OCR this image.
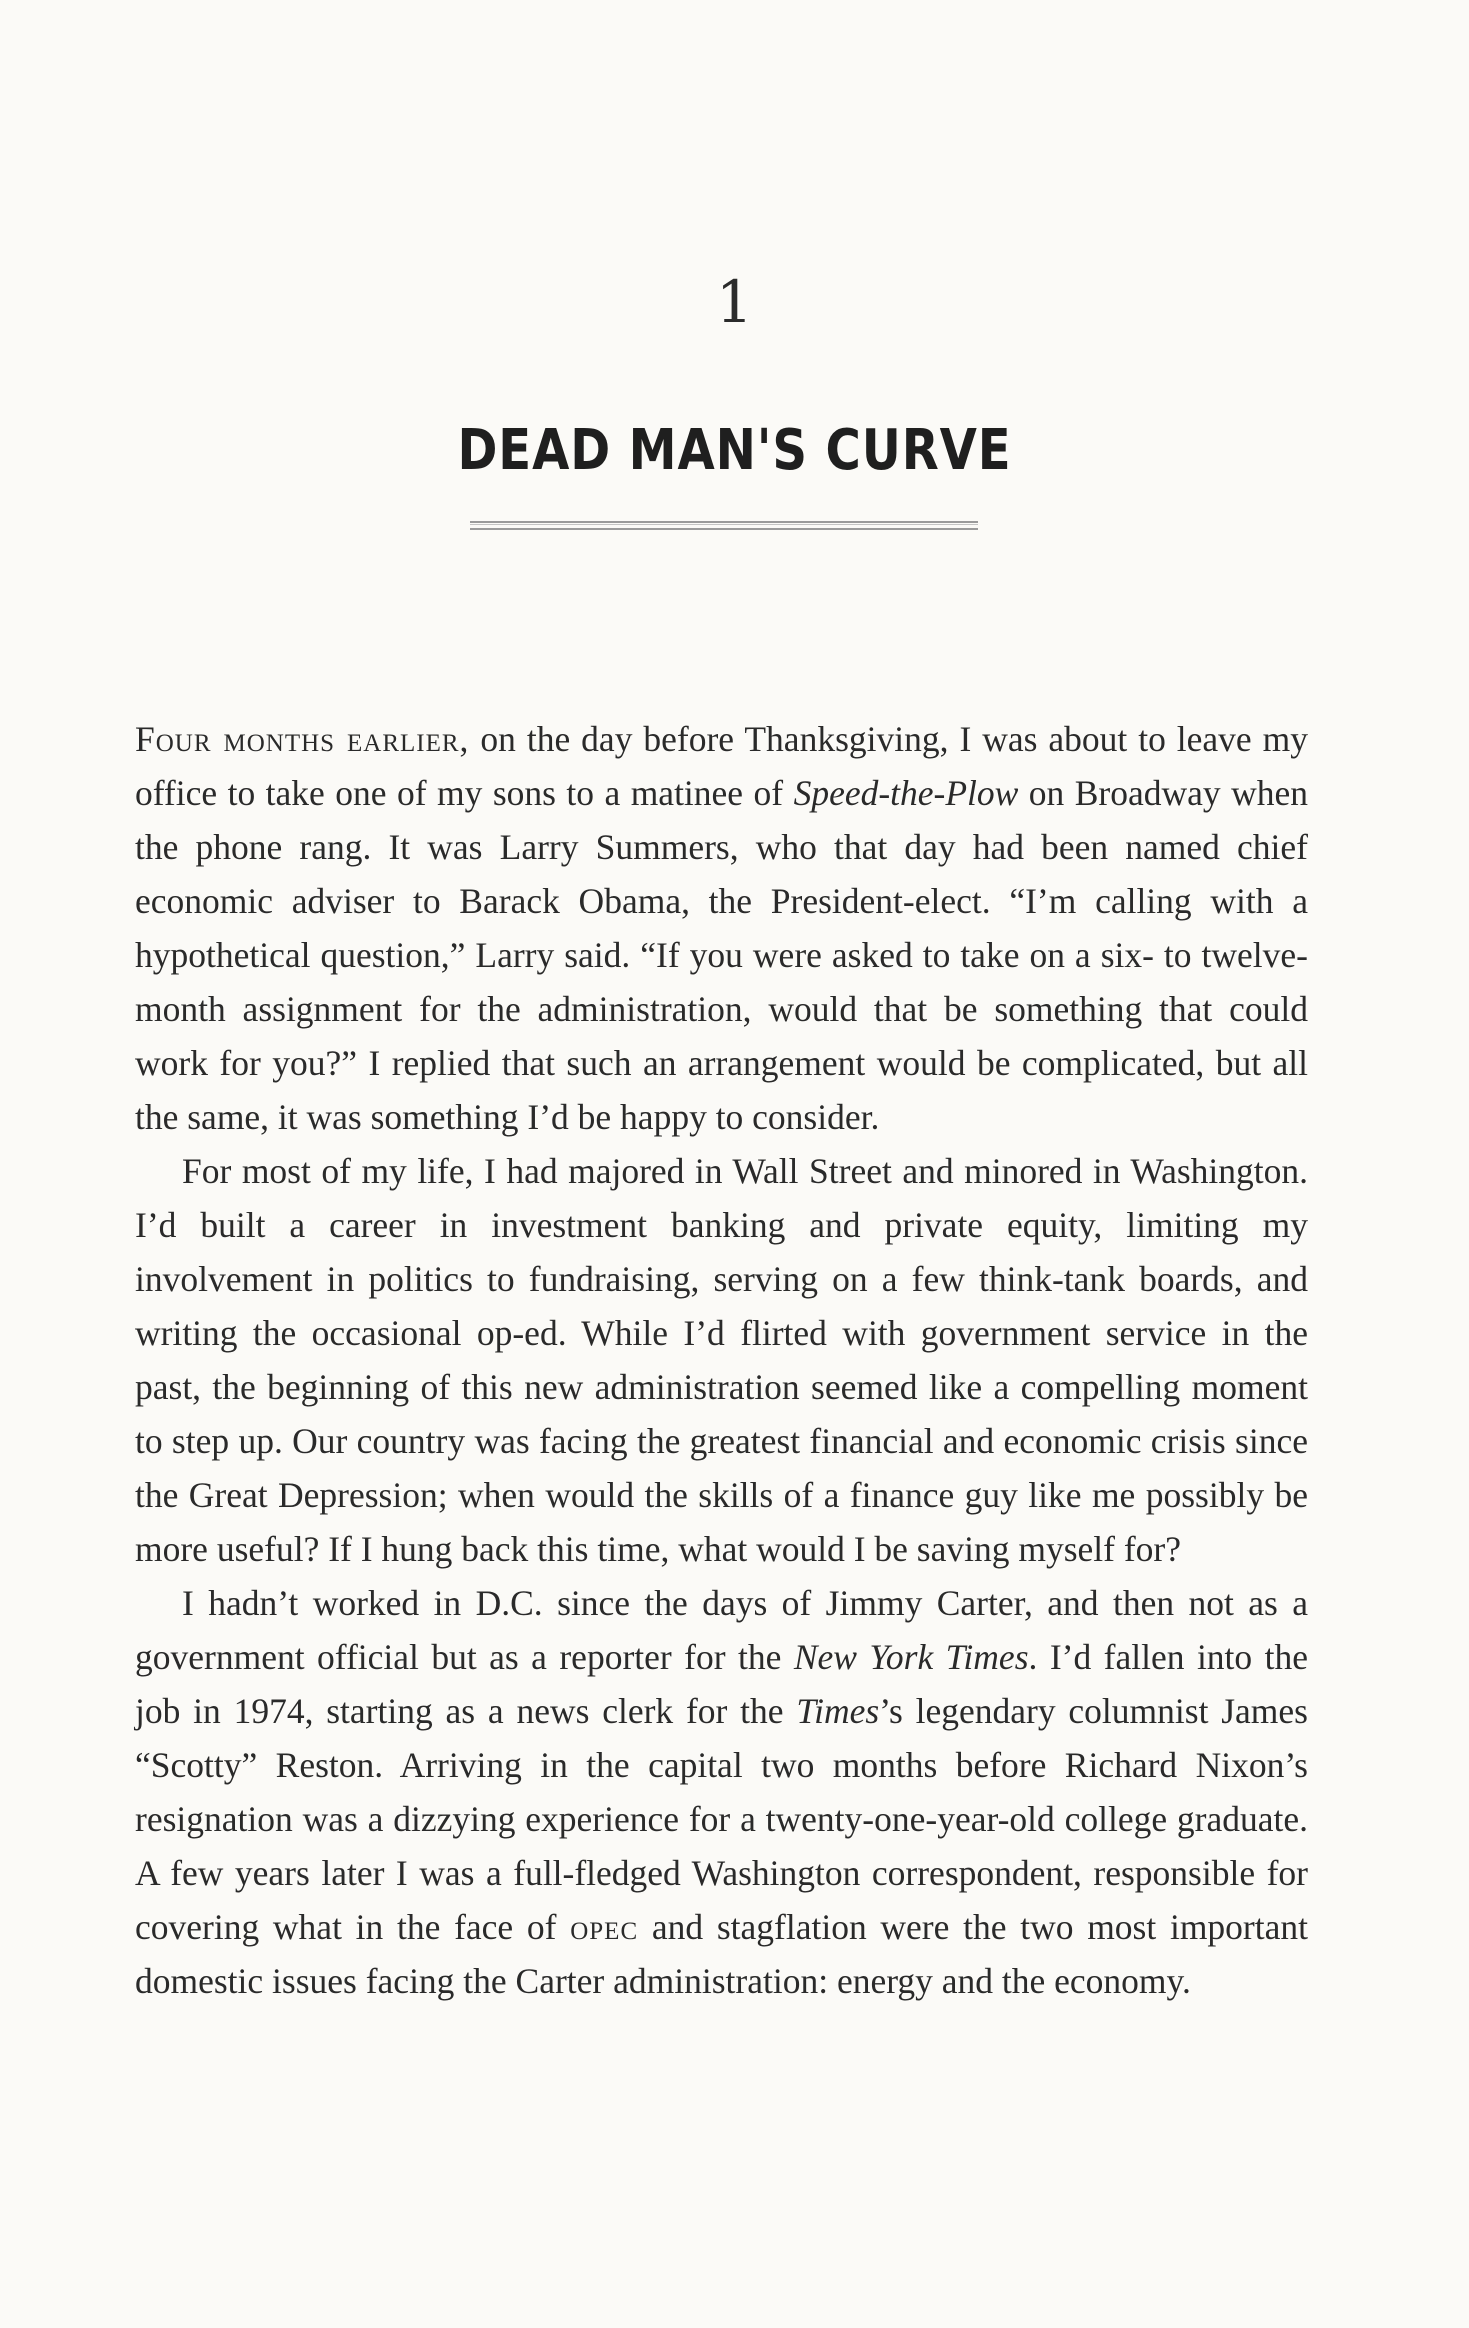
1
DEAD MAN'S CURVE

Four months earlier, on the day before Thanksgiving, I was about to leave my office to take one of my sons to a matinee of Speed-the-Plow on Broadway when the phone rang. It was Larry Summers, who that day had been named chief economic adviser to Barack Obama, the President-elect. “I’m calling with a hypothetical question,” Larry said. “If you were asked to take on a six- to twelve-month assignment for the administration, would that be something that could work for you?” I replied that such an arrangement would be complicated, but all the same, it was something I’d be happy to consider.

For most of my life, I had majored in Wall Street and minored in Washington. I’d built a career in investment banking and private equity, limiting my involvement in politics to fundraising, serving on a few think-tank boards, and writing the occasional op-ed. While I’d flirted with government service in the past, the beginning of this new administration seemed like a compelling moment to step up. Our country was facing the greatest financial and economic crisis since the Great Depression; when would the skills of a finance guy like me possibly be more useful? If I hung back this time, what would I be saving myself for?

I hadn’t worked in D.C. since the days of Jimmy Carter, and then not as a government official but as a reporter for the New York Times. I’d fallen into the job in 1974, starting as a news clerk for the Times’s legendary columnist James “Scotty” Reston. Arriving in the capital two months before Richard Nixon’s resignation was a dizzying experience for a twenty-one-year-old college graduate. A few years later I was a full-fledged Washington correspondent, responsible for covering what in the face of opec and stagflation were the two most important domestic issues facing the Carter administration: energy and the economy.
